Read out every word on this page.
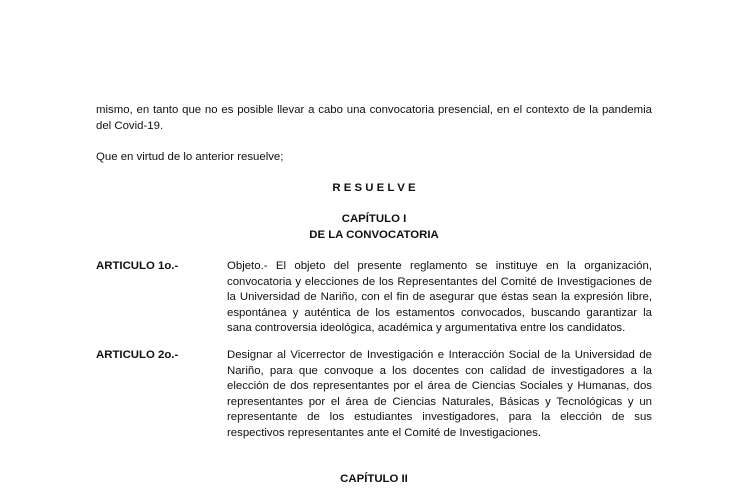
mismo, en tanto que no es posible llevar a cabo una convocatoria presencial, en el contexto de la pandemia del Covid-19.

Que en virtud de lo anterior resuelve;

R E S U E L V E
CAPÍTULO I
DE LA CONVOCATORIA

ARTICULO 1o.-	Objeto.- El objeto del presente reglamento se instituye en la organización, convocatoria y elecciones de los Representantes del Comité de Investigaciones de la Universidad de Nariño, con el fin de asegurar que éstas sean la expresión libre, espontánea y auténtica de los estamentos convocados, buscando garantizar la sana controversia ideológica, académica y argumentativa entre los candidatos.

ARTICULO 2o.-	Designar al Vicerrector de Investigación e Interacción Social de la Universidad de Nariño, para que convoque a los docentes con calidad de investigadores a la elección de dos representantes por el área de Ciencias Sociales y Humanas, dos representantes por el área de Ciencias Naturales, Básicas y Tecnológicas y un representante de los estudiantes investigadores, para la elección de sus respectivos representantes ante el Comité de Investigaciones.

CAPÍTULO II
